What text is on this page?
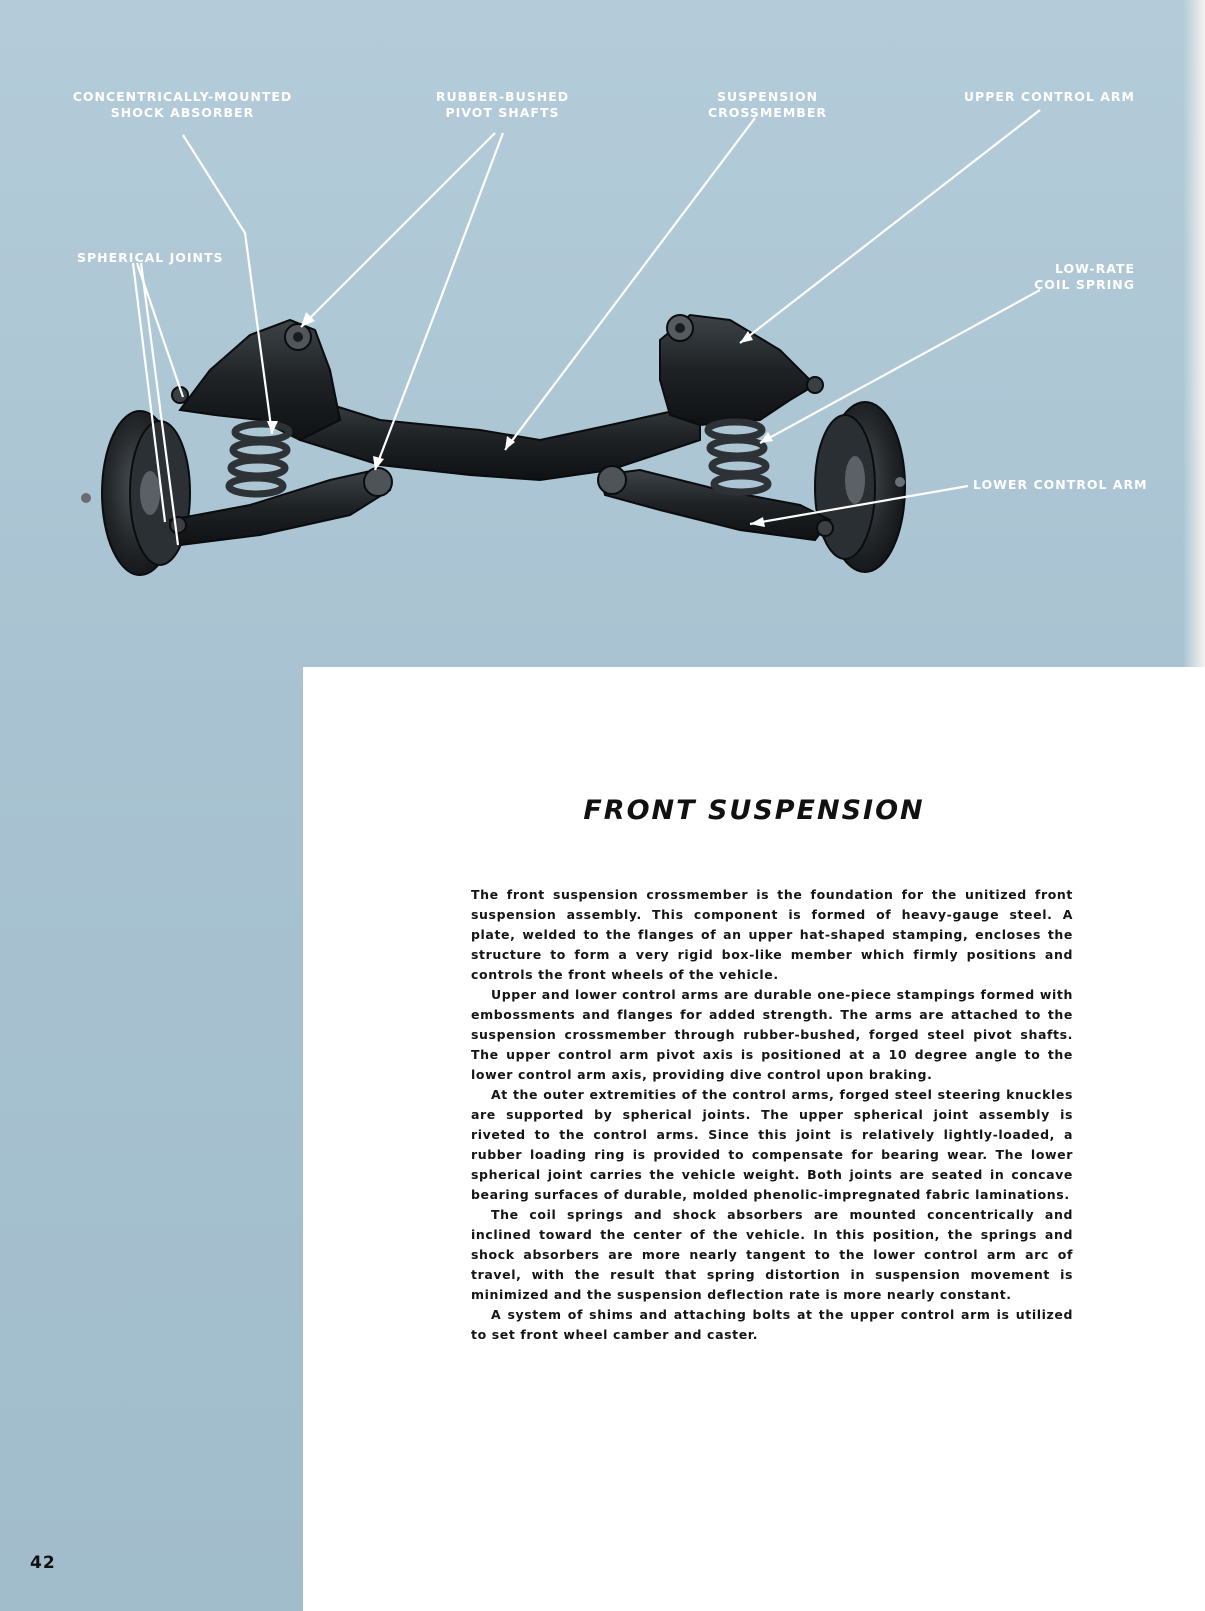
CONCENTRICALLY-MOUNTED
SHOCK ABSORBER
RUBBER-BUSHED
PIVOT SHAFTS
SUSPENSION
CROSSMEMBER
UPPER CONTROL ARM
SPHERICAL JOINTS
LOW-RATE
COIL SPRING
LOWER CONTROL ARM
FRONT SUSPENSION

The front suspension crossmember is the foundation for the unitized front suspension assembly. This component is formed of heavy-gauge steel. A plate, welded to the flanges of an upper hat-shaped stamping, encloses the structure to form a very rigid box-like member which firmly positions and controls the front wheels of the vehicle.

Upper and lower control arms are durable one-piece stampings formed with embossments and flanges for added strength. The arms are attached to the suspension crossmember through rubber-bushed, forged steel pivot shafts. The upper control arm pivot axis is positioned at a 10 degree angle to the lower control arm axis, providing dive control upon braking.

At the outer extremities of the control arms, forged steel steering knuckles are supported by spherical joints. The upper spherical joint assembly is riveted to the control arms. Since this joint is relatively lightly-loaded, a rubber loading ring is provided to compensate for bearing wear. The lower spherical joint carries the vehicle weight. Both joints are seated in concave bearing surfaces of durable, molded phenolic-impregnated fabric laminations.

The coil springs and shock absorbers are mounted concentrically and inclined toward the center of the vehicle. In this position, the springs and shock absorbers are more nearly tangent to the lower control arm arc of travel, with the result that spring distortion in suspension movement is minimized and the suspension deflection rate is more nearly constant.

A system of shims and attaching bolts at the upper control arm is utilized to set front wheel camber and caster.

42
